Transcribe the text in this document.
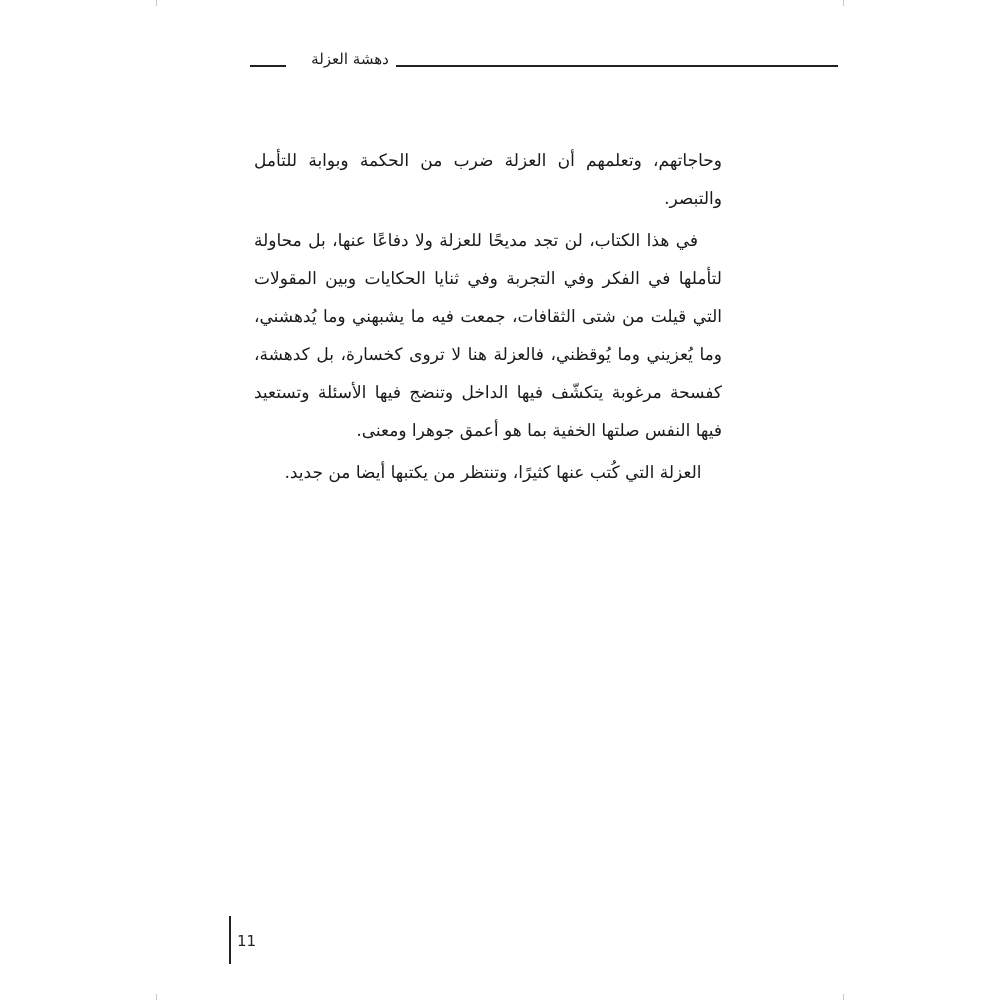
دهشة العزلة

وحاجاتهم، وتعلمهم أن العزلة ضرب من الحكمة وبوابة للتأمل والتبصر.

في هذا الكتاب، لن تجد مديحًا للعزلة ولا دفاعًا عنها، بل محاولة لتأملها في الفكر وفي التجربة وفي ثنايا الحكايات وبين المقولات التي قيلت من شتى الثقافات، جمعت فيه ما يشبهني وما يُدهشني، وما يُعزيني وما يُوقظني، فالعزلة هنا لا تروى كخسارة، بل كدهشة، كفسحة مرغوبة يتكشّف فيها الداخل وتنضج فيها الأسئلة وتستعيد فيها النفس صلتها الخفية بما هو أعمق جوهرا ومعنى.

العزلة التي كُتب عنها كثيرًا، وتنتظر من يكتبها أيضا من جديد.

11
